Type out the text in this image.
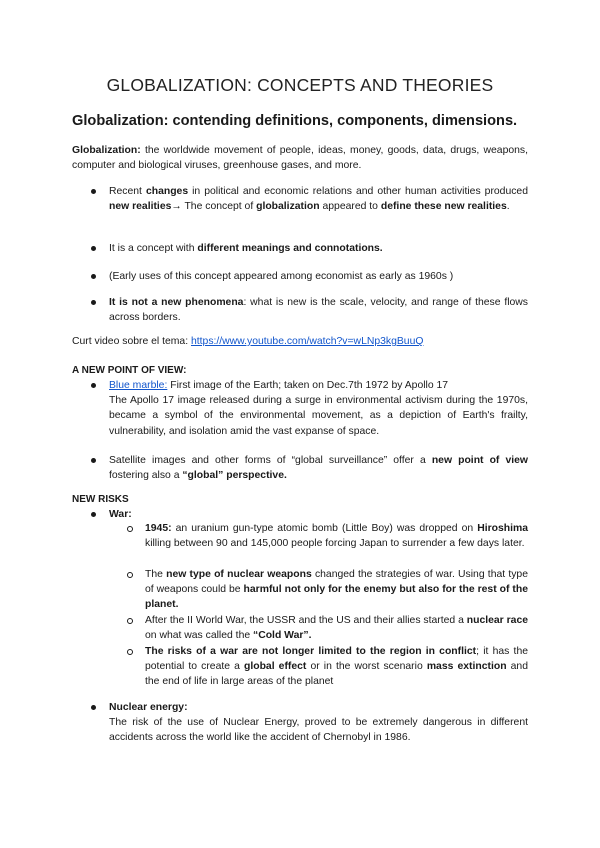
GLOBALIZATION: CONCEPTS AND THEORIES
Globalization: contending definitions, components, dimensions.
Globalization: the worldwide movement of people, ideas, money, goods, data, drugs, weapons, computer and biological viruses, greenhouse gases, and more.
Recent changes in political and economic relations and other human activities produced new realities→ The concept of globalization appeared to define these new realities.
It is a concept with different meanings and connotations.
(Early uses of this concept appeared among economist as early as 1960s )
It is not a new phenomena: what is new is the scale, velocity, and range of these flows across borders.
Curt video sobre el tema: https://www.youtube.com/watch?v=wLNp3kgBuuQ
A NEW POINT OF VIEW:
Blue marble: First image of the Earth; taken on Dec.7th 1972 by Apollo 17
The Apollo 17 image released during a surge in environmental activism during the 1970s, became a symbol of the environmental movement, as a depiction of Earth's frailty, vulnerability, and isolation amid the vast expanse of space.
Satellite images and other forms of “global surveillance” offer a new point of view fostering also a “global” perspective.
NEW RISKS
War:
1945: an uranium gun-type atomic bomb (Little Boy) was dropped on Hiroshima killing between 90 and 145,000 people forcing Japan to surrender a few days later.
The new type of nuclear weapons changed the strategies of war. Using that type of weapons could be harmful not only for the enemy but also for the rest of the planet.
After the II World War, the USSR and the US and their allies started a nuclear race on what was called the “Cold War”.
The risks of a war are not longer limited to the region in conflict; it has the potential to create a global effect or in the worst scenario mass extinction and the end of life in large areas of the planet
Nuclear energy:
The risk of the use of Nuclear Energy, proved to be extremely dangerous in different accidents across the world like the accident of Chernobyl in 1986.
